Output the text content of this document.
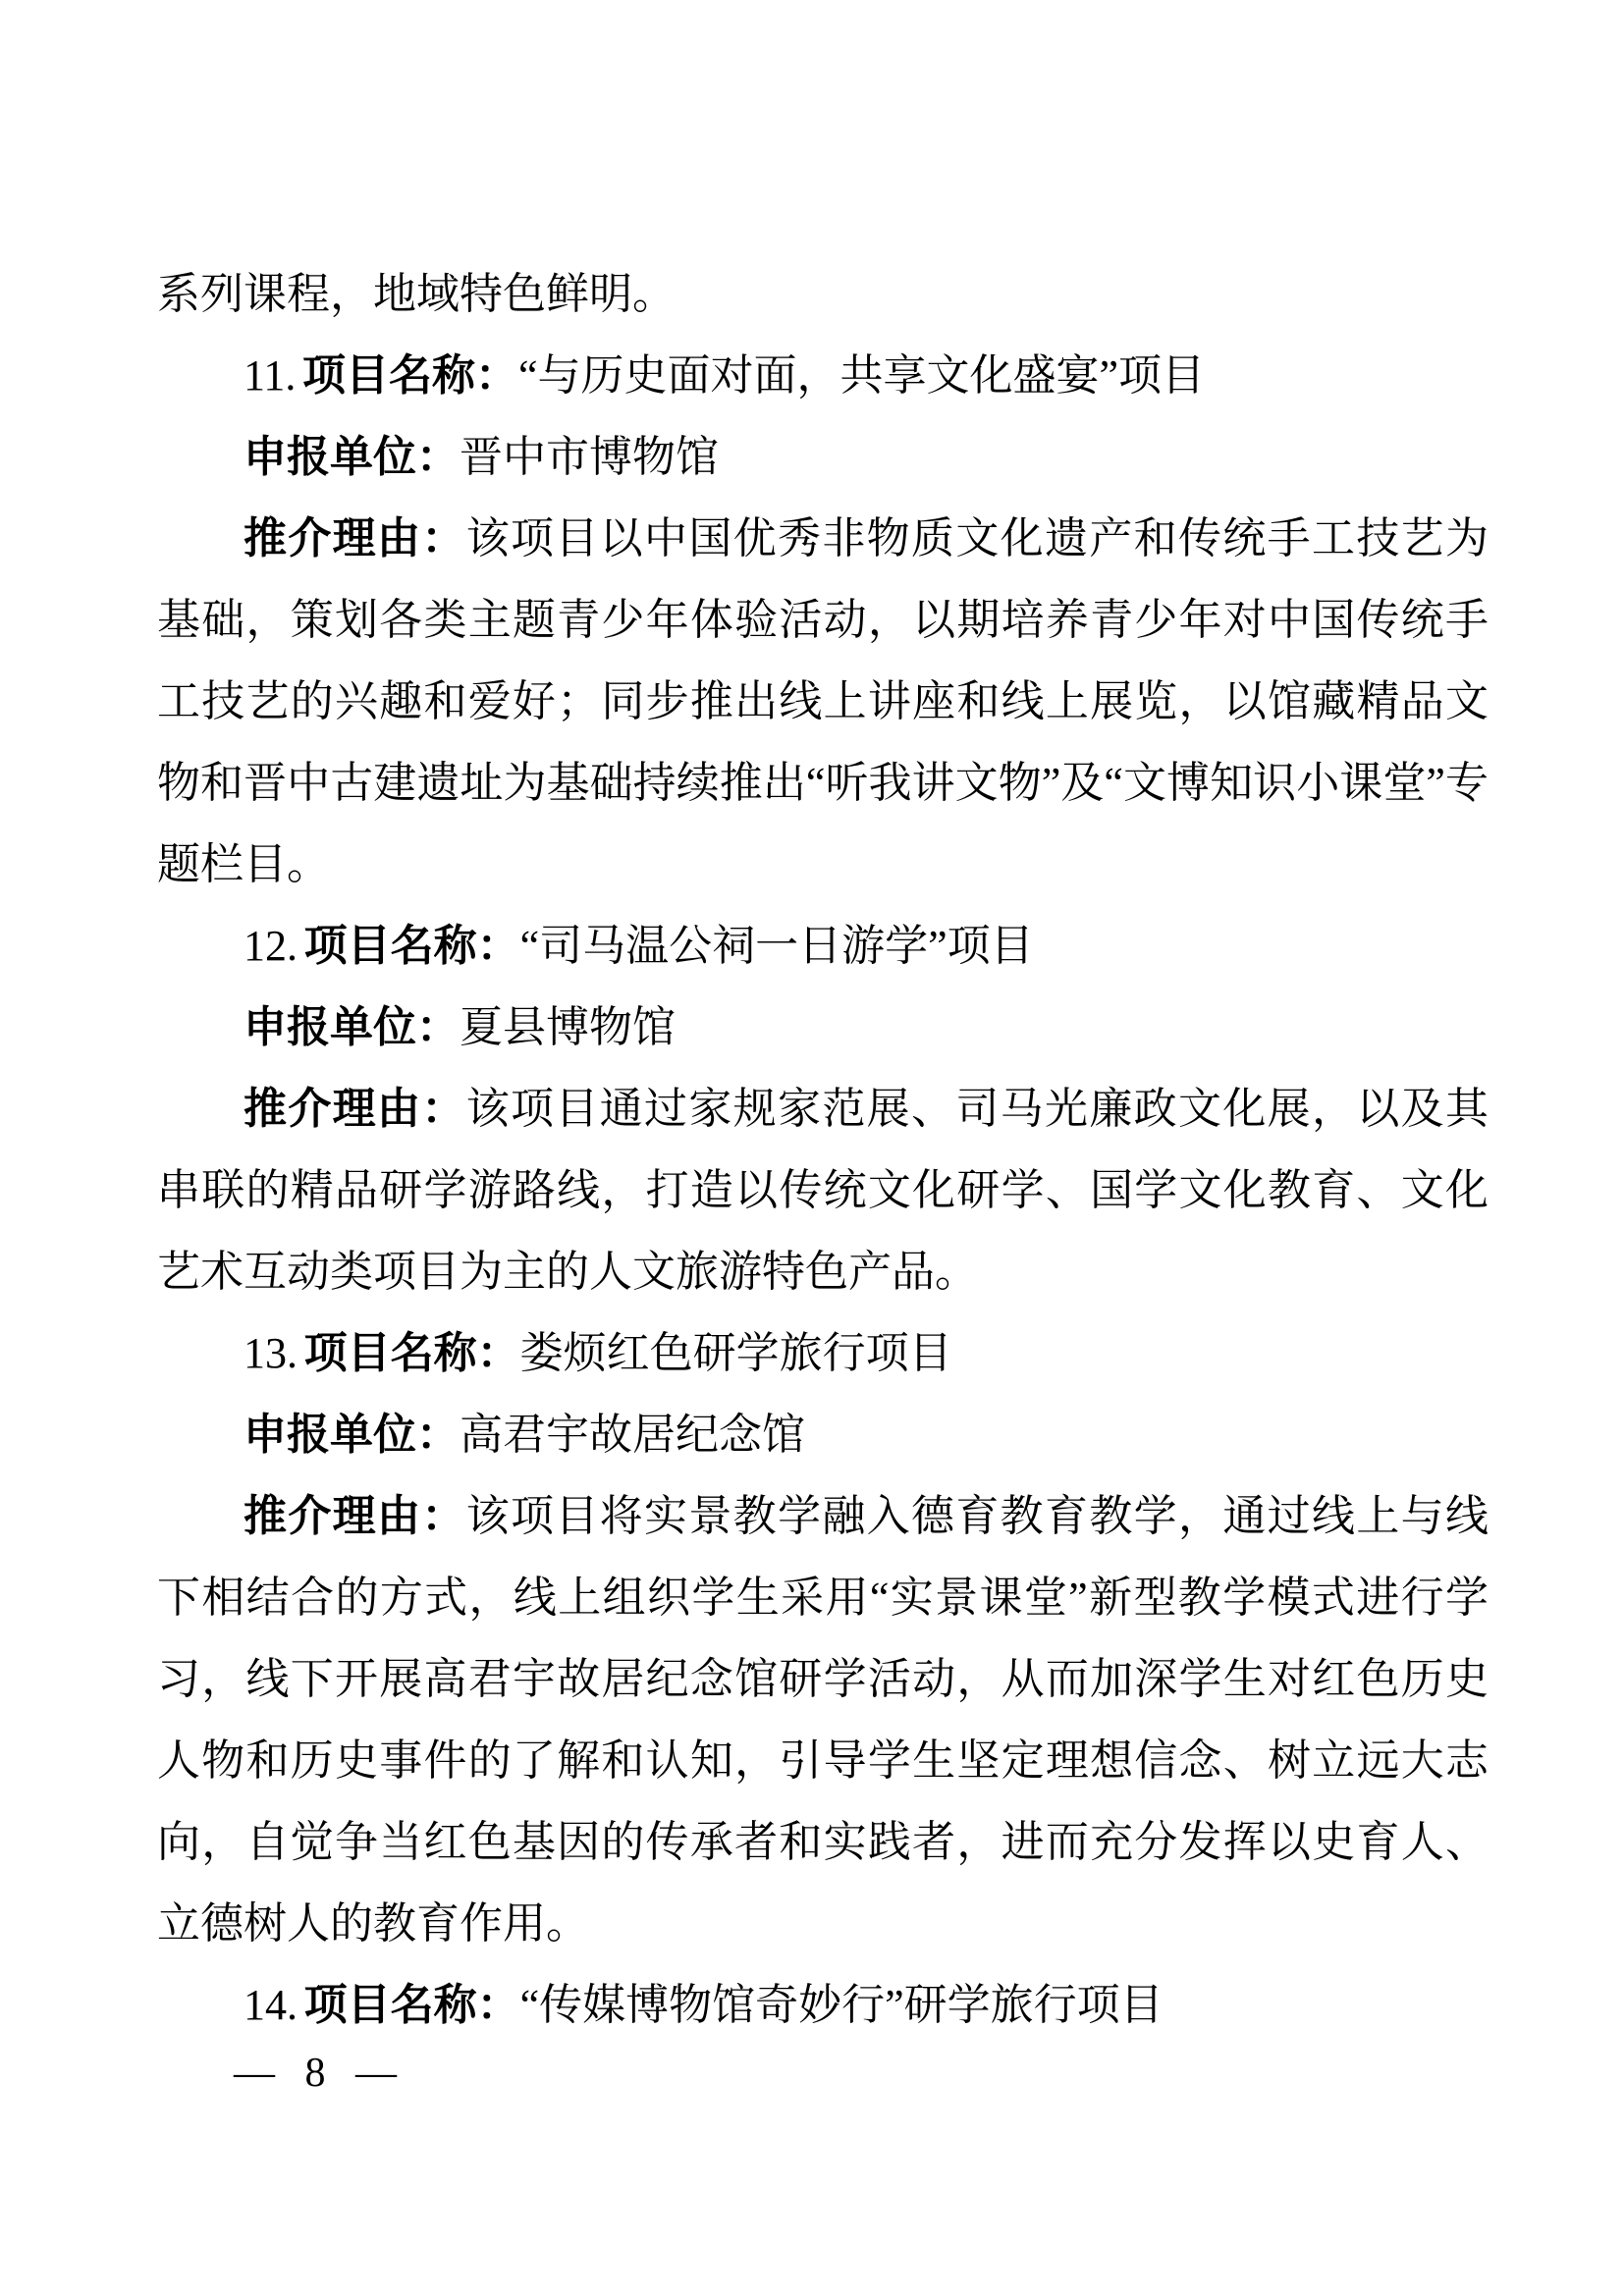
系列课程，地域特色鲜明。

11. 项目名称：“与历史面对面，共享文化盛宴”项目

申报单位：晋中市博物馆

推介理由：该项目以中国优秀非物质文化遗产和传统手工技艺为基础，策划各类主题青少年体验活动，以期培养青少年对中国传统手工技艺的兴趣和爱好；同步推出线上讲座和线上展览，以馆藏精品文物和晋中古建遗址为基础持续推出“听我讲文物”及“文博知识小课堂”专题栏目。

12. 项目名称：“司马温公祠一日游学”项目

申报单位：夏县博物馆

推介理由：该项目通过家规家范展、司马光廉政文化展，以及其串联的精品研学游路线，打造以传统文化研学、国学文化教育、文化艺术互动类项目为主的人文旅游特色产品。

13. 项目名称：娄烦红色研学旅行项目

申报单位：高君宇故居纪念馆

推介理由：该项目将实景教学融入德育教育教学，通过线上与线下相结合的方式，线上组织学生采用“实景课堂”新型教学模式进行学习，线下开展高君宇故居纪念馆研学活动，从而加深学生对红色历史人物和历史事件的了解和认知，引导学生坚定理想信念、树立远大志向，自觉争当红色基因的传承者和实践者，进而充分发挥以史育人、立德树人的教育作用。

14. 项目名称：“传媒博物馆奇妙行”研学旅行项目

— 8 —
